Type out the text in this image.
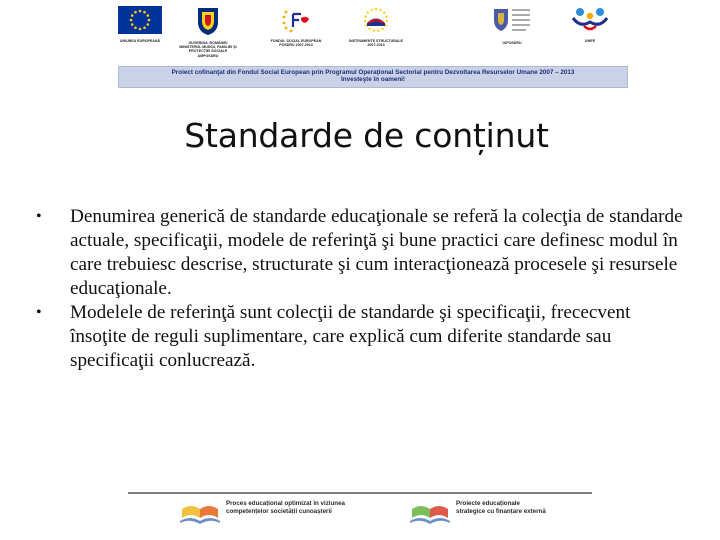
UNIUNEA EUROPEANĂ	GUVERNUL ROMÂNIEI MINISTERUL MUNCII, FAMILIEI ŞI PROTECŢIEI SOCIALE AMPOSDRU
FONDUL SOCIAL EUROPEAN POSDRU 2007-2013
INSTRUMENTE STRUCTURALE 2007-2013
OIPOSDRU	UMFE
Proiect cofinanţat din Fondul Social European prin Programul Operaţional Sectorial pentru Dezvoltarea Resurselor Umane 2007 – 2013
Investeşte în oameni!
Standarde de conținut
• Denumirea generică de standarde educaţionale se referă la colecţia de standarde actuale, specificaţii, modele de referinţă şi bune practici care definesc modul în care trebuiesc descrise, structurate şi cum interacţionează procesele şi resursele educaţionale.
• Modelele de referinţă sunt colecţii de standarde şi specificaţii, frececvent însoţite de reguli suplimentare, care explică cum diferite standarde sau specificaţii conlucrează.
Proces educațional optimizat în viziunea
competențelor societății cunoașterii
Proiecte educaționale
strategice cu finanțare externă
